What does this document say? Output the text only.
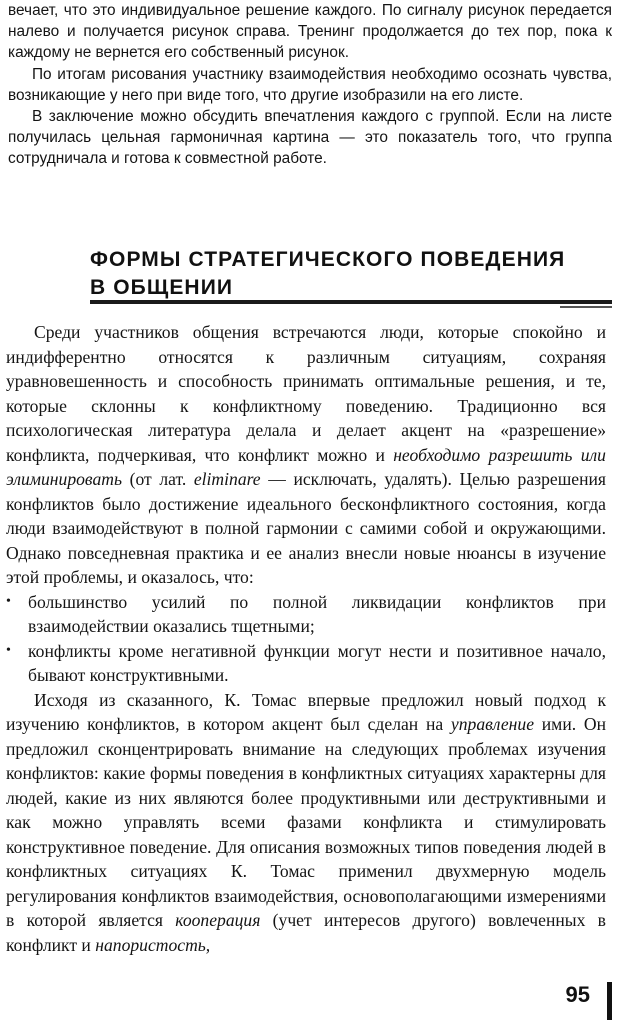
вечает, что это индивидуальное решение каждого. По сигналу рисунок передается налево и получается рисунок справа. Тренинг продолжается до тех пор, пока к каждому не вернется его собственный рисунок.

По итогам рисования участнику взаимодействия необходимо осознать чувства, возникающие у него при виде того, что другие изобразили на его листе.

В заключение можно обсудить впечатления каждого с группой. Если на листе получилась цельная гармоничная картина — это показатель того, что группа сотрудничала и готова к совместной работе.

ФОРМЫ СТРАТЕГИЧЕСКОГО ПОВЕДЕНИЯ
В ОБЩЕНИИ

Среди участников общения встречаются люди, которые спокойно и индифферентно относятся к различным ситуациям, сохраняя уравновешенность и способность принимать оптимальные решения, и те, которые склонны к конфликтному поведению. Традиционно вся психологическая литература делала и делает акцент на «разрешение» конфликта, подчеркивая, что конфликт можно и необходимо разрешить или элиминировать (от лат. eliminare — исключать, удалять). Целью разрешения конфликтов было достижение идеального бесконфликтного состояния, когда люди взаимодействуют в полной гармонии с самими собой и окружающими. Однако повседневная практика и ее анализ внесли новые нюансы в изучение этой проблемы, и оказалось, что:

• большинство усилий по полной ликвидации конфликтов при взаимодействии оказались тщетными;
• конфликты кроме негативной функции могут нести и позитивное начало, бывают конструктивными.

Исходя из сказанного, К. Томас впервые предложил новый подход к изучению конфликтов, в котором акцент был сделан на управление ими. Он предложил сконцентрировать внимание на следующих проблемах изучения конфликтов: какие формы поведения в конфликтных ситуациях характерны для людей, какие из них являются более продуктивными или деструктивными и как можно управлять всеми фазами конфликта и стимулировать конструктивное поведение. Для описания возможных типов поведения людей в конфликтных ситуациях К. Томас применил двухмерную модель регулирования конфликтов взаимодействия, основополагающими измерениями в которой является кооперация (учет интересов другого) вовлеченных в конфликт и напористость,

95
